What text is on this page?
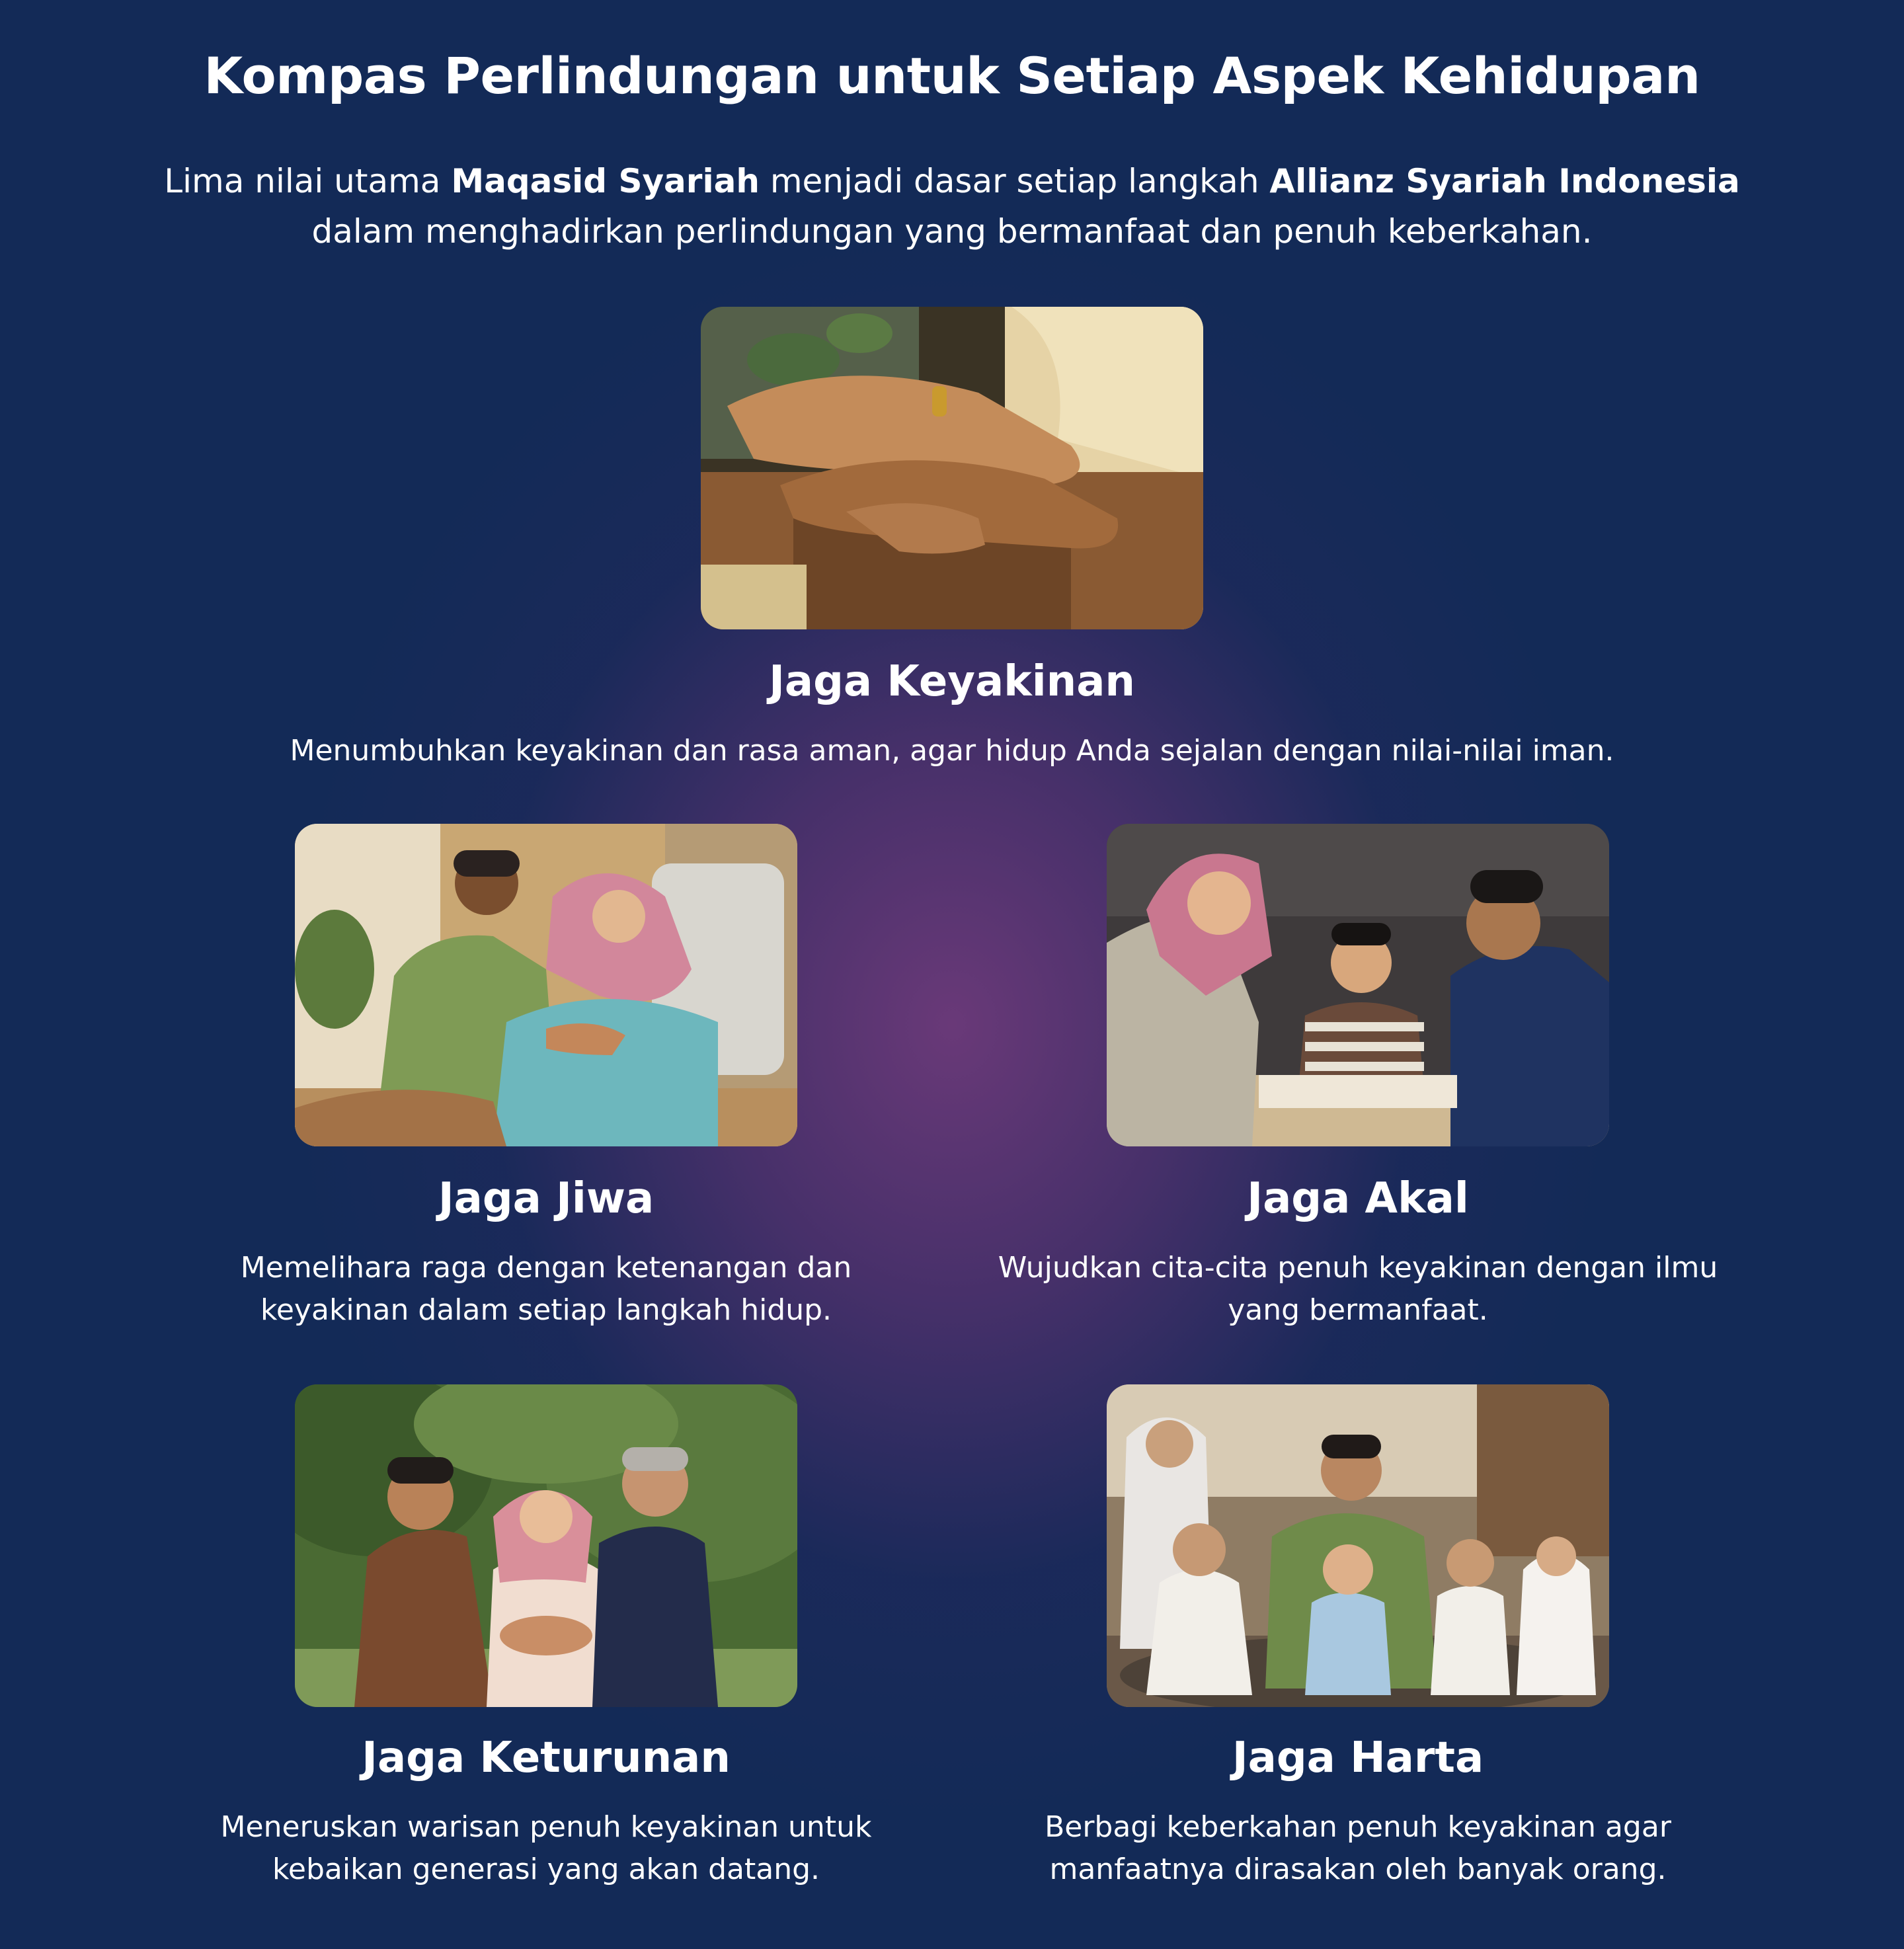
Kompas Perlindungan untuk Setiap Aspek Kehidupan

Lima nilai utama Maqasid Syariah menjadi dasar setiap langkah Allianz Syariah Indonesia dalam menghadirkan perlindungan yang bermanfaat dan penuh keberkahan.

Jaga Keyakinan

Menumbuhkan keyakinan dan rasa aman, agar hidup Anda sejalan dengan nilai-nilai iman.

Jaga Jiwa

Memelihara raga dengan ketenangan dan keyakinan dalam setiap langkah hidup.

Jaga Akal

Wujudkan cita-cita penuh keyakinan dengan ilmu yang bermanfaat.

Jaga Keturunan

Meneruskan warisan penuh keyakinan untuk kebaikan generasi yang akan datang.

Jaga Harta

Berbagi keberkahan penuh keyakinan agar manfaatnya dirasakan oleh banyak orang.
